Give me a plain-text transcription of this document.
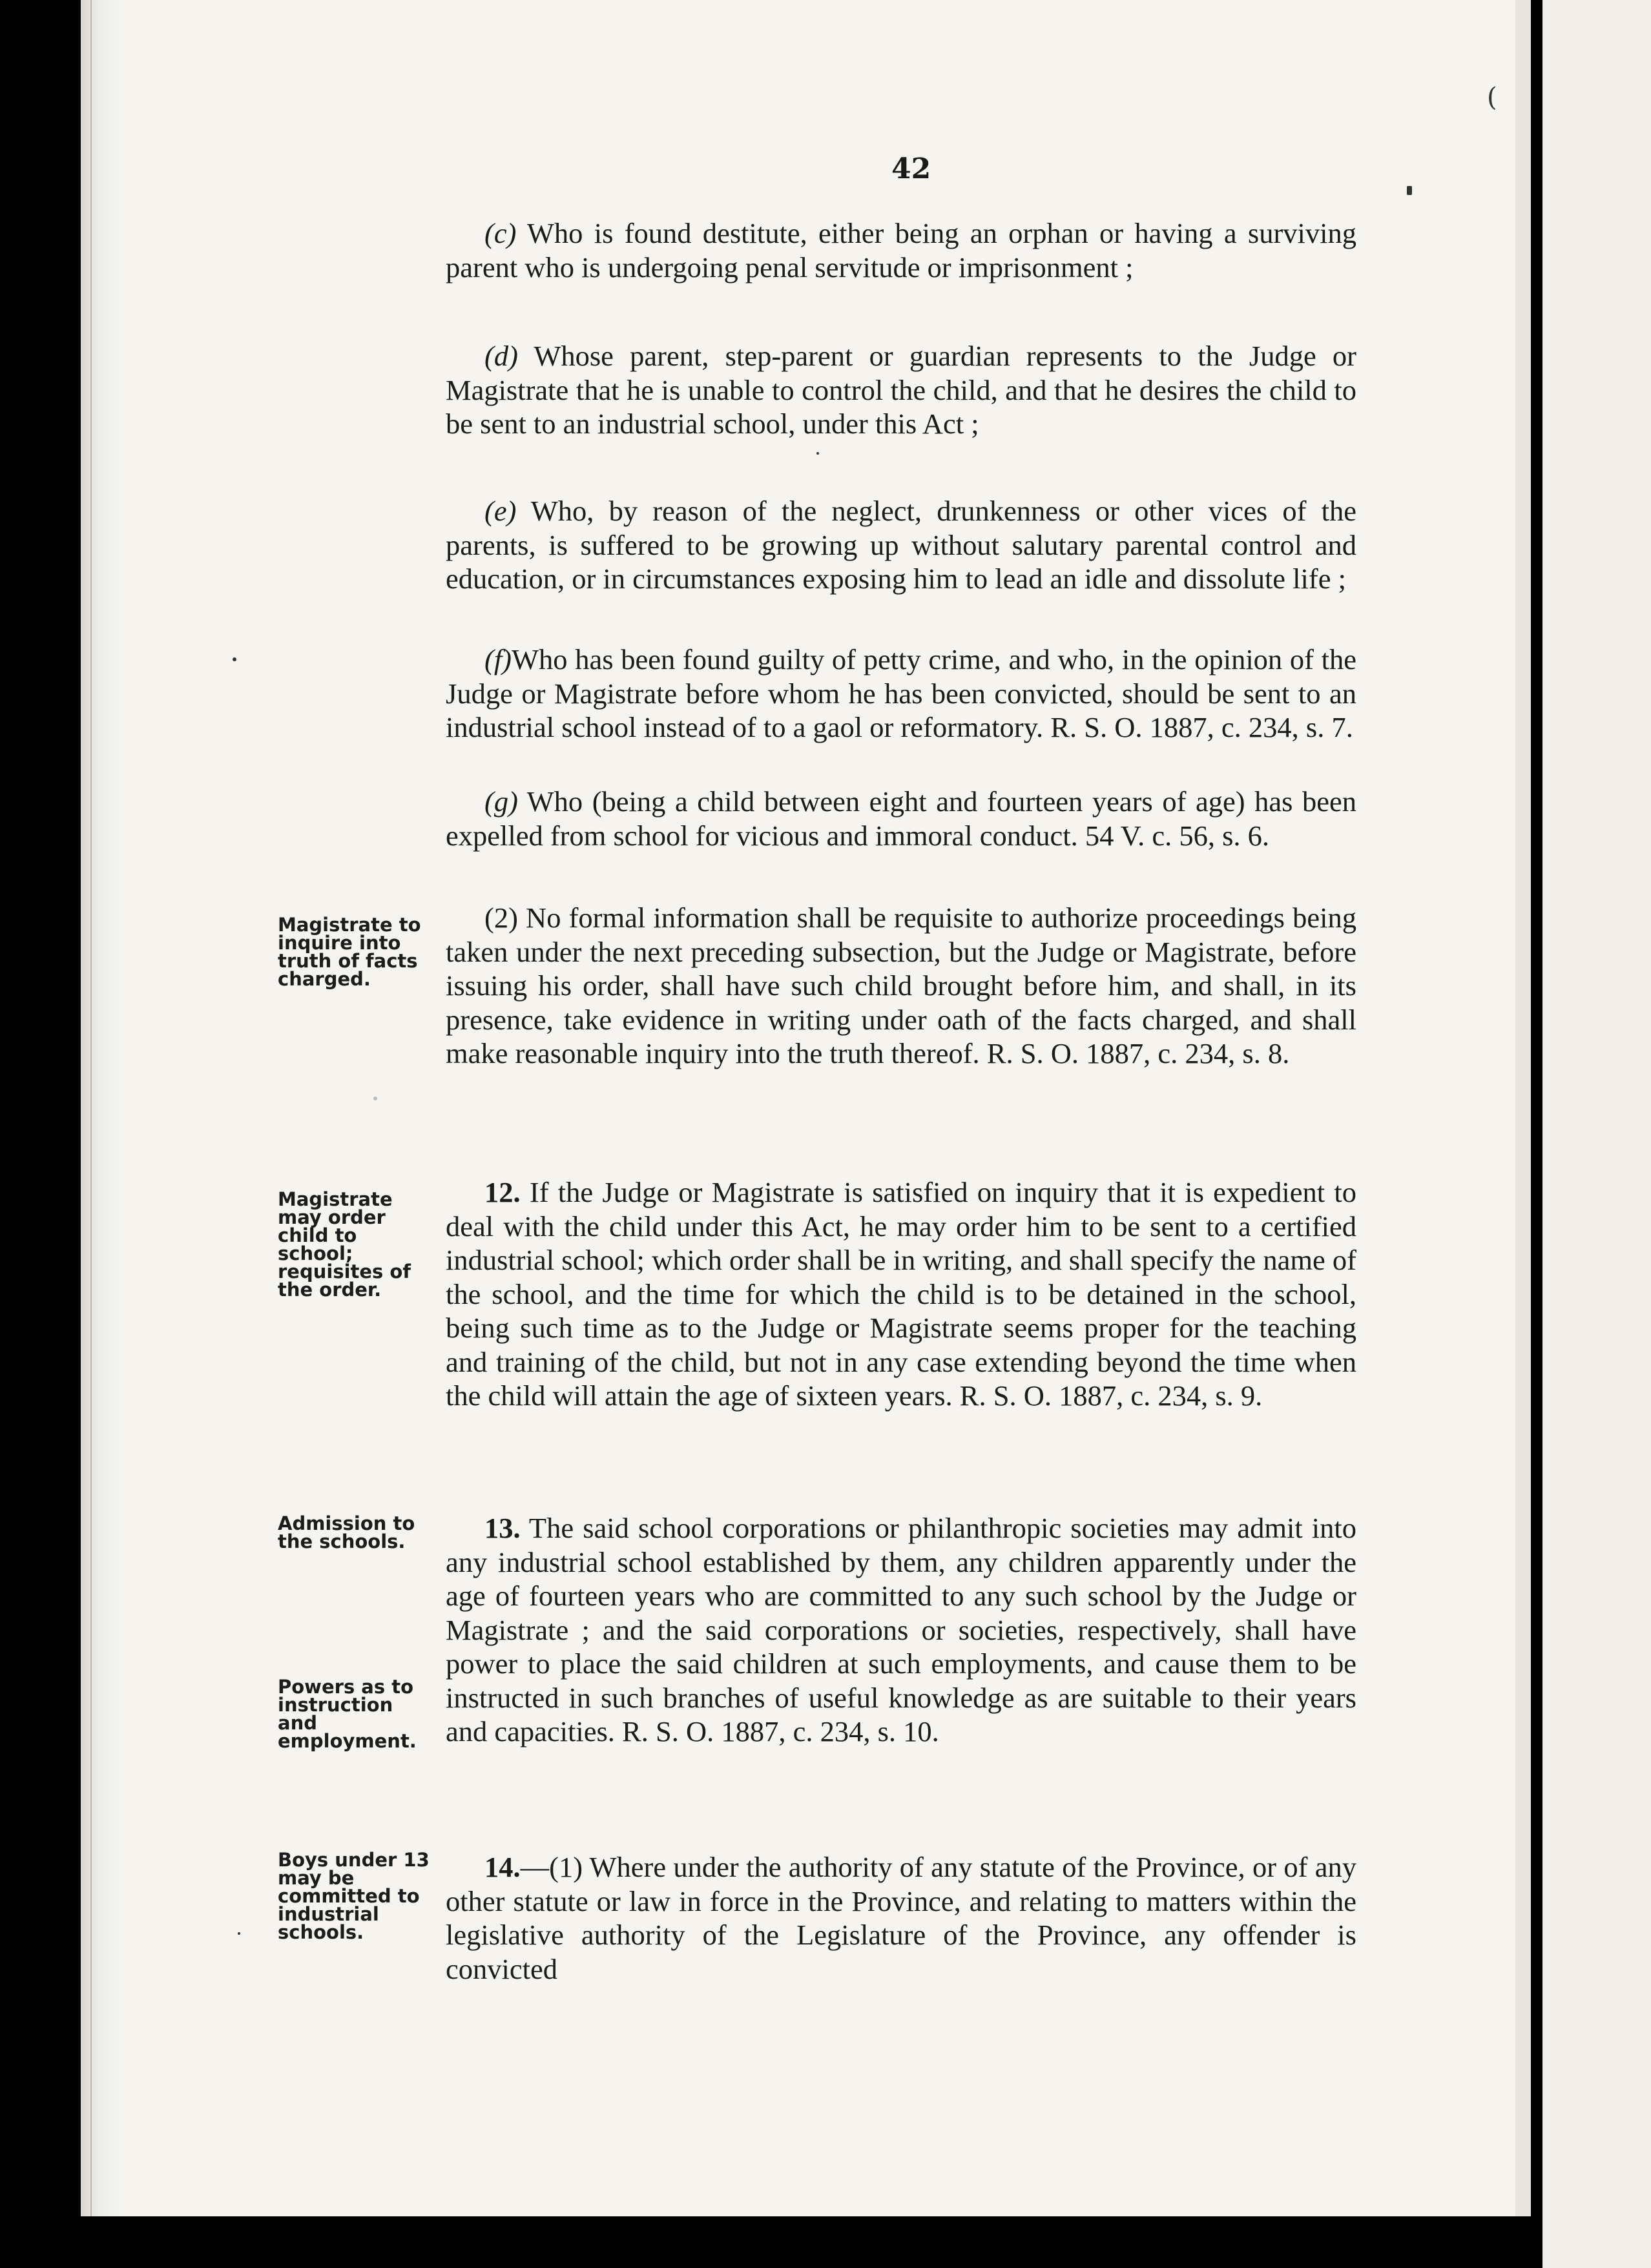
42

(c) Who is found destitute, either being an orphan or having a surviving parent who is undergoing penal servitude or imprisonment ;

(d) Whose parent, step-parent or guardian represents to the Judge or Magistrate that he is unable to control the child, and that he desires the child to be sent to an industrial school, under this Act ;

(e) Who, by reason of the neglect, drunkenness or other vices of the parents, is suffered to be growing up without salutary parental control and education, or in circumstances exposing him to lead an idle and dissolute life ;

(f)Who has been found guilty of petty crime, and who, in the opinion of the Judge or Magistrate before whom he has been convicted, should be sent to an industrial school instead of to a gaol or reformatory. R. S. O. 1887, c. 234, s. 7.

(g) Who (being a child between eight and fourteen years of age) has been expelled from school for vicious and immoral conduct. 54 V. c. 56, s. 6.

(2) No formal information shall be requisite to authorize proceedings being taken under the next preceding subsection, but the Judge or Magistrate, before issuing his order, shall have such child brought before him, and shall, in its presence, take evidence in writing under oath of the facts charged, and shall make reasonable inquiry into the truth thereof. R. S. O. 1887, c. 234, s. 8.

12. If the Judge or Magistrate is satisfied on inquiry that it is expedient to deal with the child under this Act, he may order him to be sent to a certified industrial school; which order shall be in writing, and shall specify the name of the school, and the time for which the child is to be detained in the school, being such time as to the Judge or Magistrate seems proper for the teaching and training of the child, but not in any case extending beyond the time when the child will attain the age of sixteen years. R. S. O. 1887, c. 234, s. 9.

13. The said school corporations or philanthropic societies may admit into any industrial school established by them, any children apparently under the age of fourteen years who are committed to any such school by the Judge or Magistrate ; and the said corporations or societies, respectively, shall have power to place the said children at such employments, and cause them to be instructed in such branches of useful knowledge as are suitable to their years and capacities. R. S. O. 1887, c. 234, s. 10.

14.—(1) Where under the authority of any statute of the Province, or of any other statute or law in force in the Province, and relating to matters within the legislative authority of the Legislature of the Province, any offender is convicted

Magistrate to inquire into truth of facts charged.

Magistrate may order child to school; requisites of the order.

Admission to the schools.

Powers as to instruction and employment.

Boys under 13 may be committed to industrial schools.

(
